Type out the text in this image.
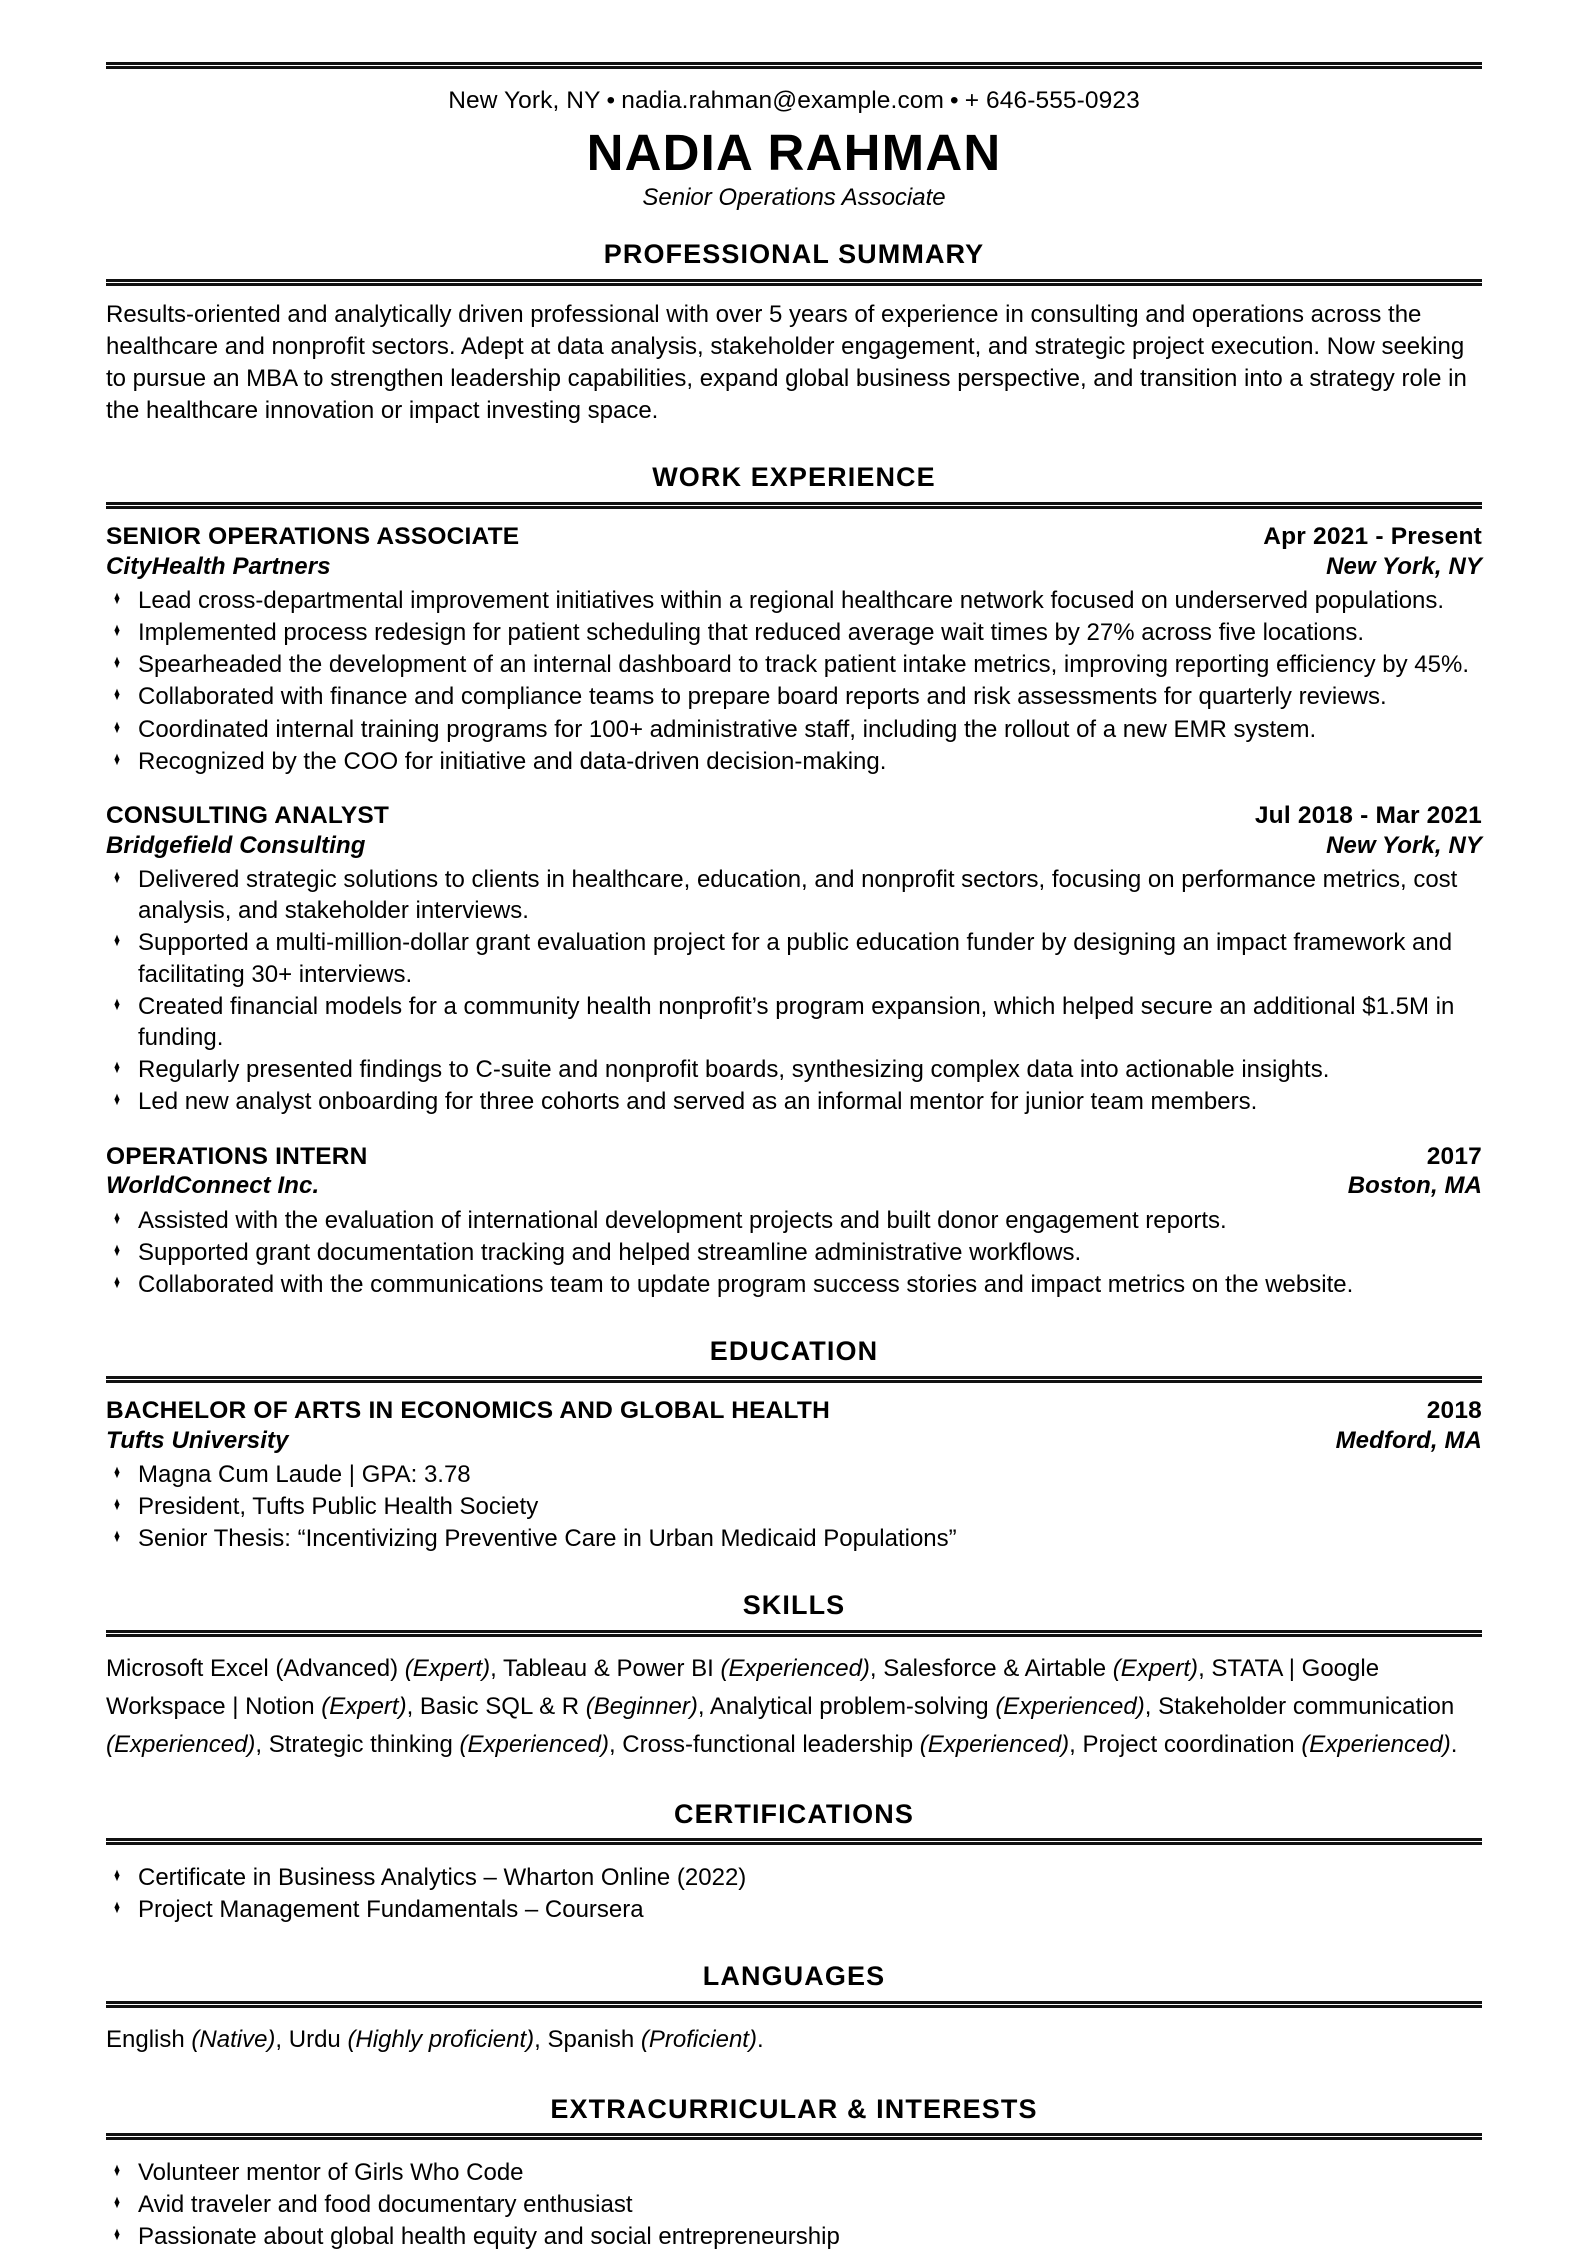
New York, NY • nadia.rahman@example.com • + 646-555-0923
NADIA RAHMAN
Senior Operations Associate
PROFESSIONAL SUMMARY

Results-oriented and analytically driven professional with over 5 years of experience in consulting and operations across the healthcare and nonprofit sectors. Adept at data analysis, stakeholder engagement, and strategic project execution. Now seeking to pursue an MBA to strengthen leadership capabilities, expand global business perspective, and transition into a strategy role in the healthcare innovation or impact investing space.

WORK EXPERIENCE
SENIOR OPERATIONS ASSOCIATE	Apr 2021 - Present
CityHealth Partners	New York, NY
♦ Lead cross-departmental improvement initiatives within a regional healthcare network focused on underserved populations.
♦ Implemented process redesign for patient scheduling that reduced average wait times by 27% across five locations.
♦ Spearheaded the development of an internal dashboard to track patient intake metrics, improving reporting efficiency by 45%.
♦ Collaborated with finance and compliance teams to prepare board reports and risk assessments for quarterly reviews.
♦ Coordinated internal training programs for 100+ administrative staff, including the rollout of a new EMR system.
♦ Recognized by the COO for initiative and data-driven decision-making.
CONSULTING ANALYST	Jul 2018 - Mar 2021
Bridgefield Consulting	New York, NY
♦ Delivered strategic solutions to clients in healthcare, education, and nonprofit sectors, focusing on performance metrics, cost analysis, and stakeholder interviews.
♦ Supported a multi-million-dollar grant evaluation project for a public education funder by designing an impact framework and facilitating 30+ interviews.
♦ Created financial models for a community health nonprofit’s program expansion, which helped secure an additional $1.5M in funding.
♦ Regularly presented findings to C-suite and nonprofit boards, synthesizing complex data into actionable insights.
♦ Led new analyst onboarding for three cohorts and served as an informal mentor for junior team members.
OPERATIONS INTERN	2017
WorldConnect Inc.	Boston, MA
♦ Assisted with the evaluation of international development projects and built donor engagement reports.
♦ Supported grant documentation tracking and helped streamline administrative workflows.
♦ Collaborated with the communications team to update program success stories and impact metrics on the website.
EDUCATION
BACHELOR OF ARTS IN ECONOMICS AND GLOBAL HEALTH	2018
Tufts University	Medford, MA
♦ Magna Cum Laude | GPA: 3.78
♦ President, Tufts Public Health Society
♦ Senior Thesis: “Incentivizing Preventive Care in Urban Medicaid Populations”
SKILLS
Microsoft Excel (Advanced) (Expert), Tableau & Power BI (Experienced), Salesforce & Airtable (Expert), STATA | Google Workspace | Notion (Expert), Basic SQL & R (Beginner), Analytical problem-solving (Experienced), Stakeholder communication (Experienced), Strategic thinking (Experienced), Cross-functional leadership (Experienced), Project coordination (Experienced).
CERTIFICATIONS
♦ Certificate in Business Analytics – Wharton Online (2022)
♦ Project Management Fundamentals – Coursera
LANGUAGES
English (Native), Urdu (Highly proficient), Spanish (Proficient).
EXTRACURRICULAR & INTERESTS
♦ Volunteer mentor of Girls Who Code
♦ Avid traveler and food documentary enthusiast
♦ Passionate about global health equity and social entrepreneurship
